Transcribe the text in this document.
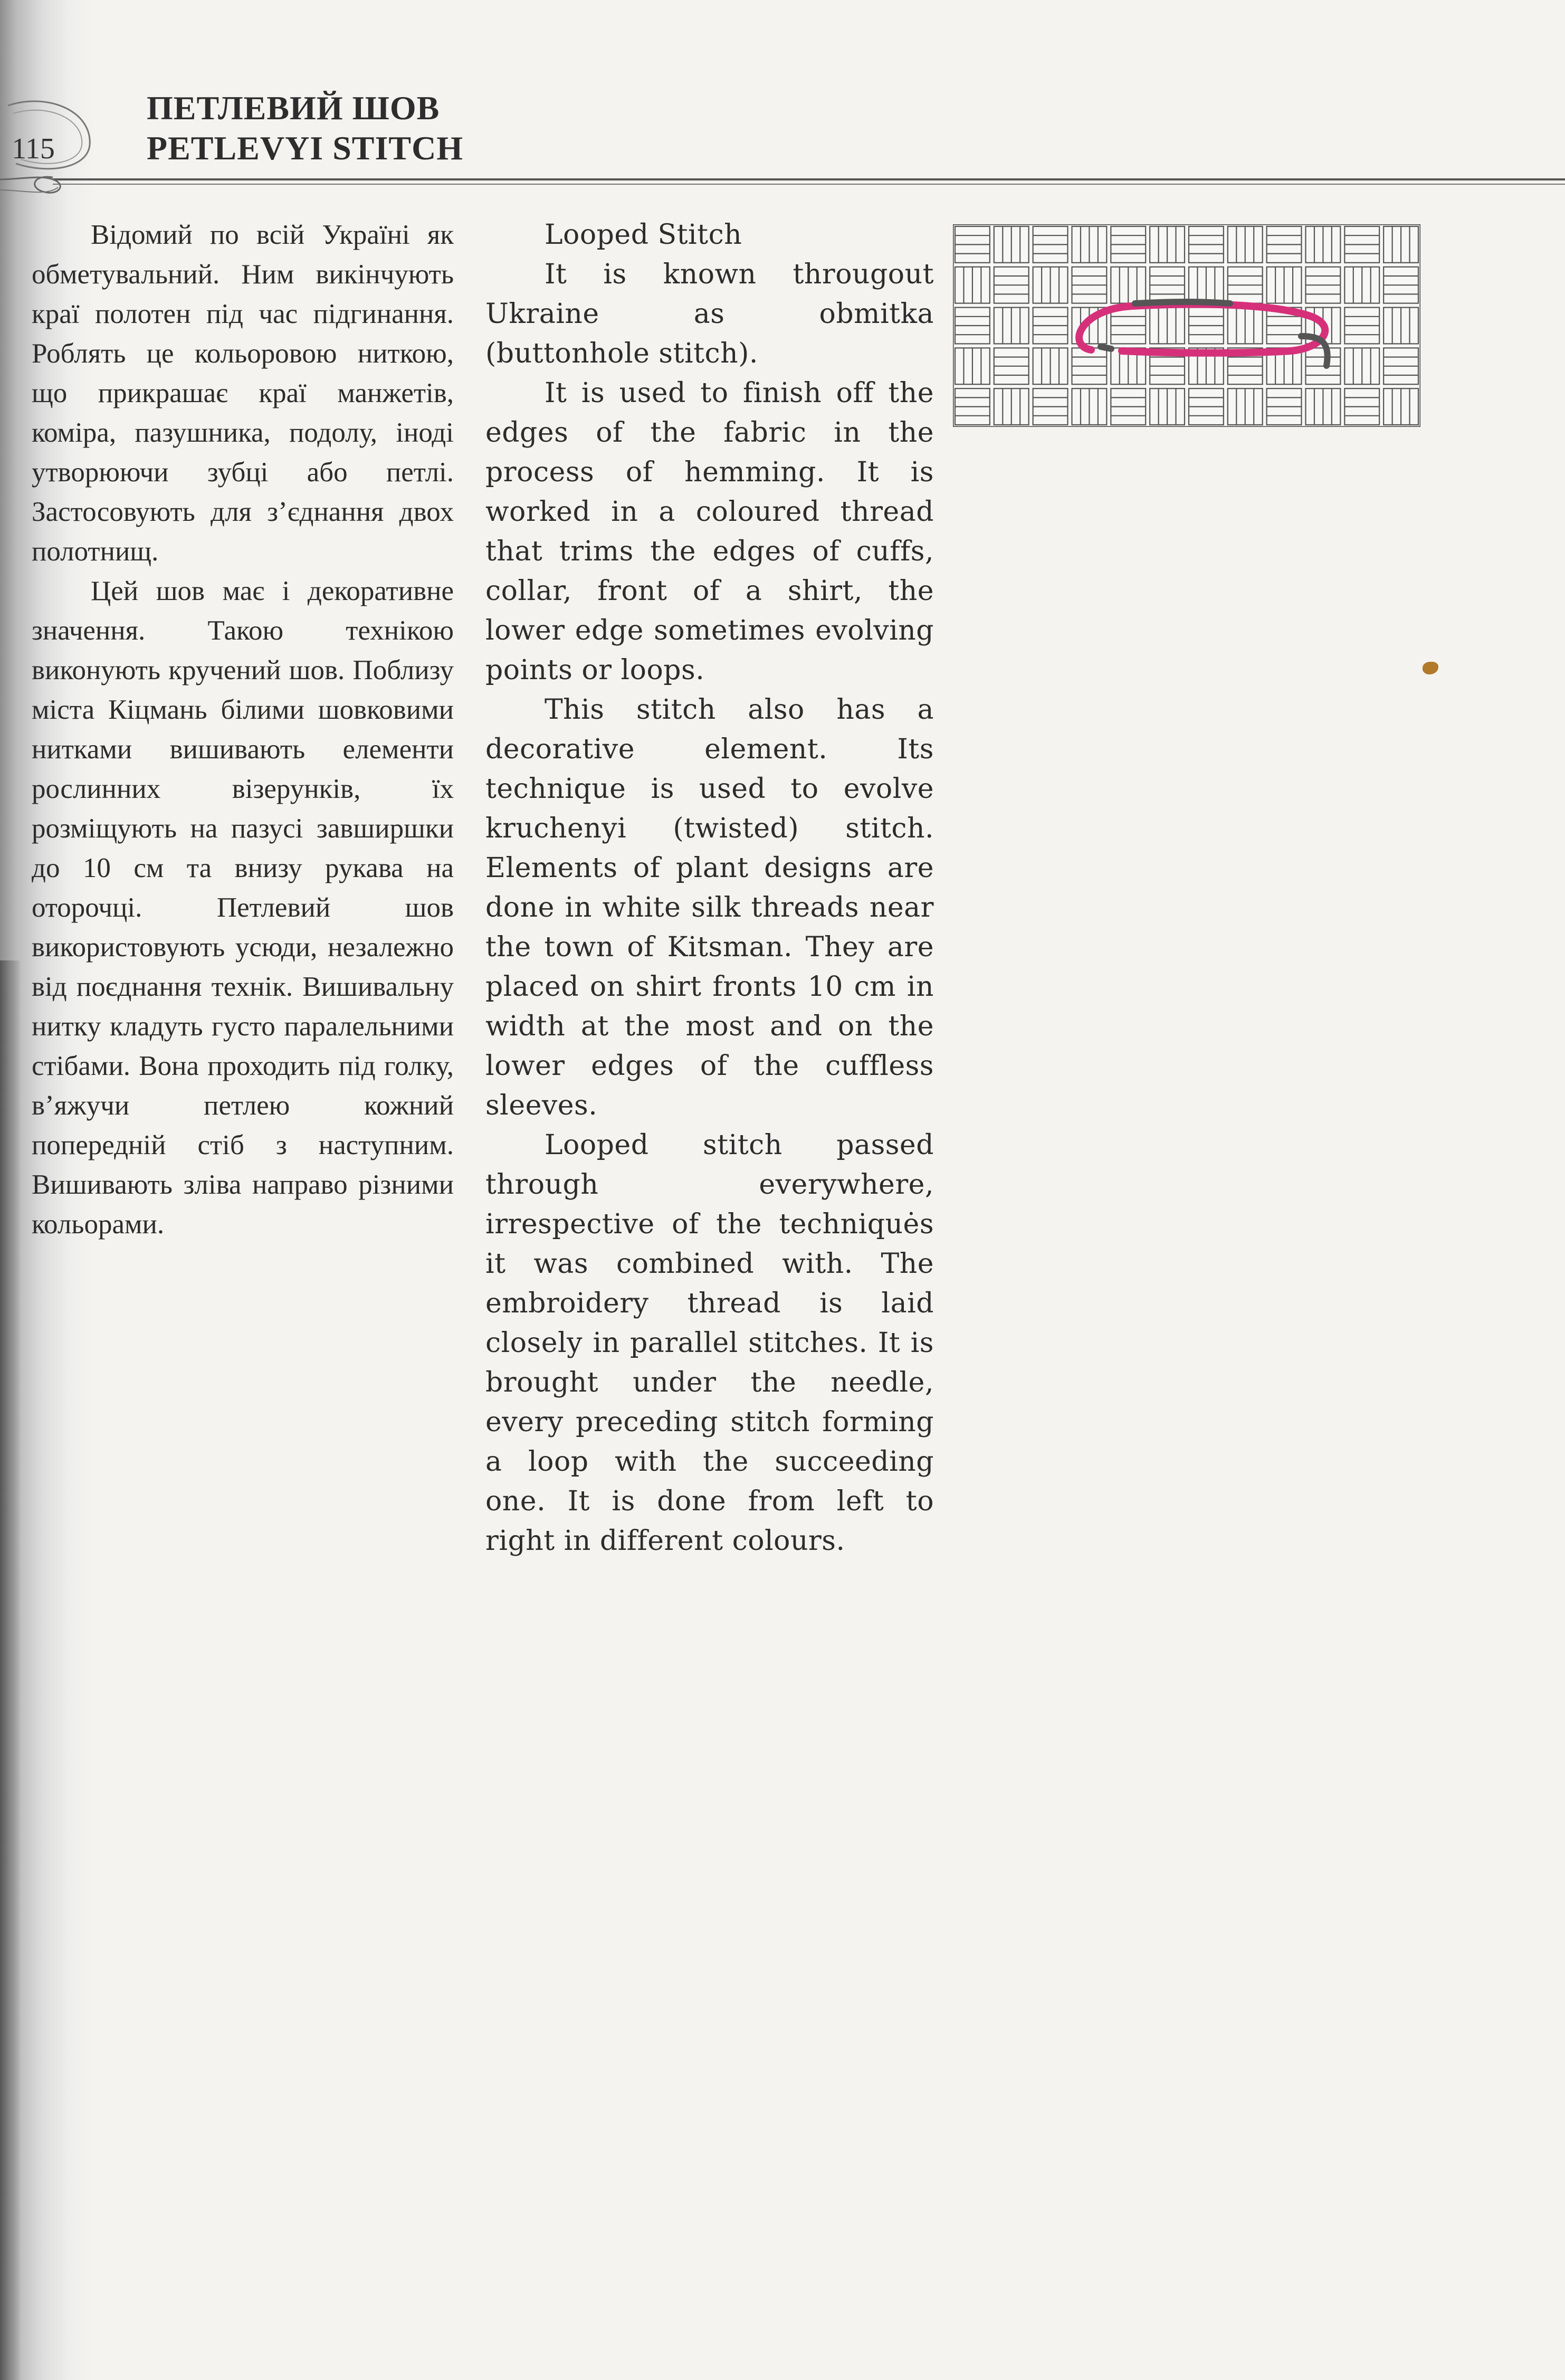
115
ПЕТЛЕВИЙ ШОВ
PETLEVYI STITCH

Відомий по всій Україні як обметувальний. Ним викінчують краї полотен під час підгинання. Роблять це кольоровою ниткою, що прикрашає краї манжетів, коміра, пазушника, подолу, іноді утворюючи зубці або петлі. Застосовують для з’єднання двох полотнищ.

Цей шов має і декоративне значення. Такою технікою виконують кручений шов. Поблизу міста Кіцмань білими шовковими нитками вишивають елементи рослинних візерунків, їх розміщують на пазусі завширшки до 10 см та внизу рукава на оторочці. Петлевий шов використовують усюди, незалежно від поєднання технік. Вишивальну нитку кладуть густо паралельними стібами. Вона проходить під голку, в’яжучи петлею кожний попередній стіб з наступним. Вишивають зліва направо різними кольорами.

Looped Stitch

It is known througout Ukraine as obmitka (buttonhole stitch).

It is used to finish off the edges of the fabric in the process of hemming. It is worked in a coloured thread that trims the edges of cuffs, collar, front of a shirt, the lower edge sometimes evolving points or loops.

This stitch also has a decorative element. Its technique is used to evolve kruchenyi (twisted) stitch. Elements of plant designs are done in white silk threads near the town of Kitsman. They are placed on shirt fronts 10 cm in width at the most and on the lower edges of the cuffless sleeves.

Looped stitch passed through everywhere, irrespective of the techniquės it was combined with. The embroidery thread is laid closely in parallel stitches. It is brought under the needle, every preceding stitch forming a loop with the succeeding one. It is done from left to right in different colours.
